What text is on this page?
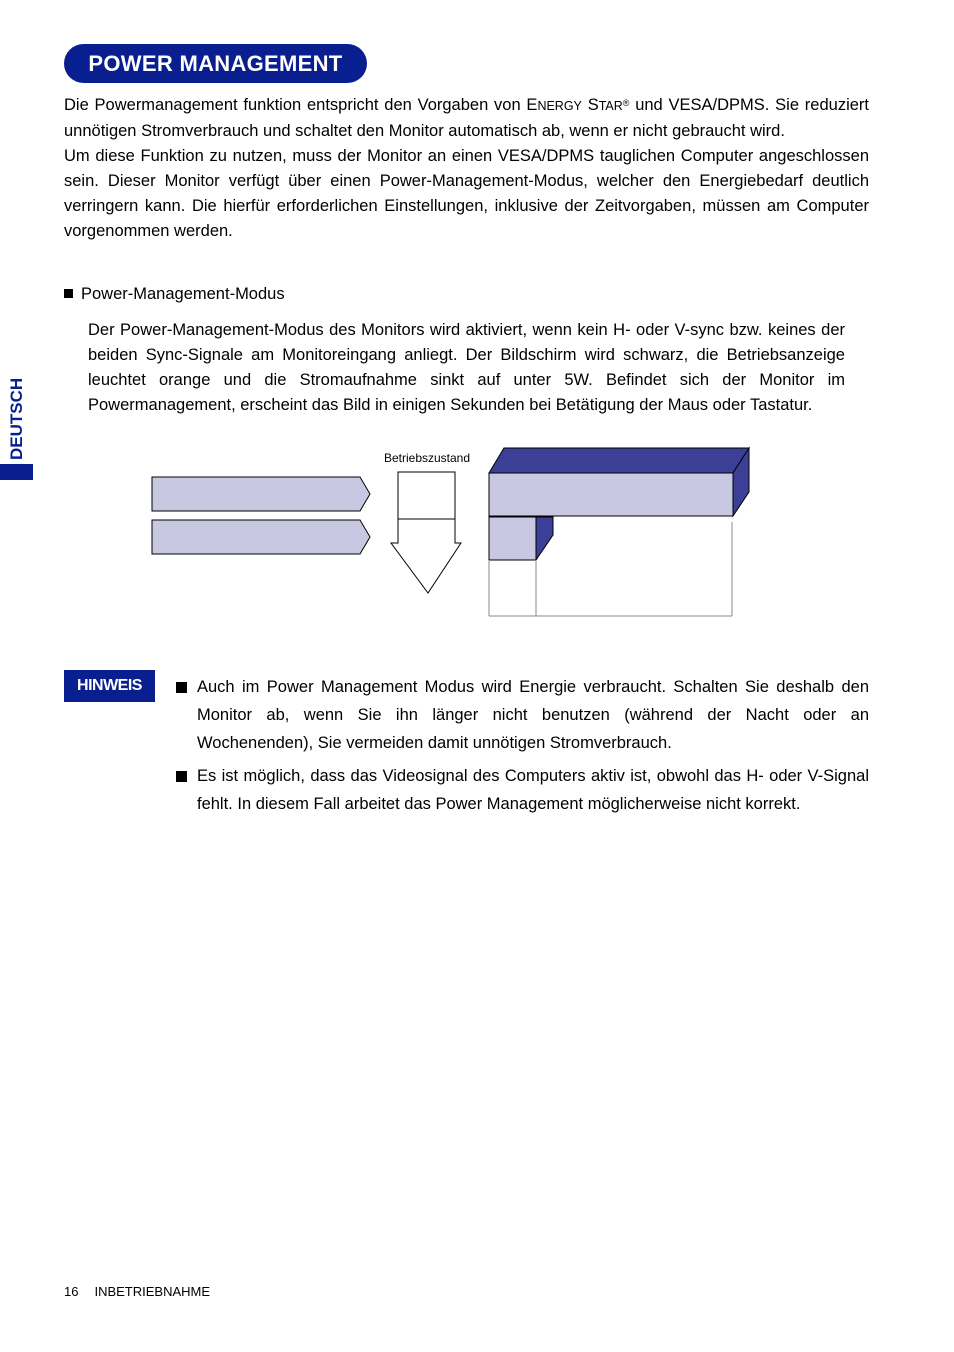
POWER MANAGEMENT
DEUTSCH

Die Powermanagement funktion entspricht den Vorgaben von ENERGY STAR® und VESA/DPMS. Sie reduziert unnötigen Stromverbrauch und schaltet den Monitor automatisch ab, wenn er nicht gebraucht wird.

Um diese Funktion zu nutzen, muss der Monitor an einen VESA/DPMS tauglichen Computer angeschlossen sein. Dieser Monitor verfügt über einen Power-Management-Modus, welcher den Energiebedarf deutlich verringern kann. Die hierfür erforderlichen Einstellungen, inklusive der Zeitvorgaben, müssen am Computer vorgenommen werden.

Power-Management-Modus
Der Power-Management-Modus des Monitors wird aktiviert, wenn kein H- oder V-sync bzw. keines der beiden Sync-Signale am Monitoreingang anliegt. Der Bildschirm wird schwarz, die Betriebsanzeige leuchtet orange und die Stromaufnahme sinkt auf unter 5W. Befindet sich der Monitor im Powermanagement, erscheint das Bild in einigen Sekunden bei Betätigung der Maus oder Tastatur.
Betriebszustand
HINWEIS	Auch im Power Management Modus wird Energie verbraucht. Schalten Sie deshalb den Monitor ab, wenn Sie ihn länger nicht benutzen (während der Nacht oder an Wochenenden), Sie vermeiden damit unnötigen Stromverbrauch.
Es ist möglich, dass das Videosignal des Computers aktiv ist, obwohl das H- oder V-Signal fehlt. In diesem Fall arbeitet das Power Management möglicherweise nicht korrekt.
16 INBETRIEBNAHME
